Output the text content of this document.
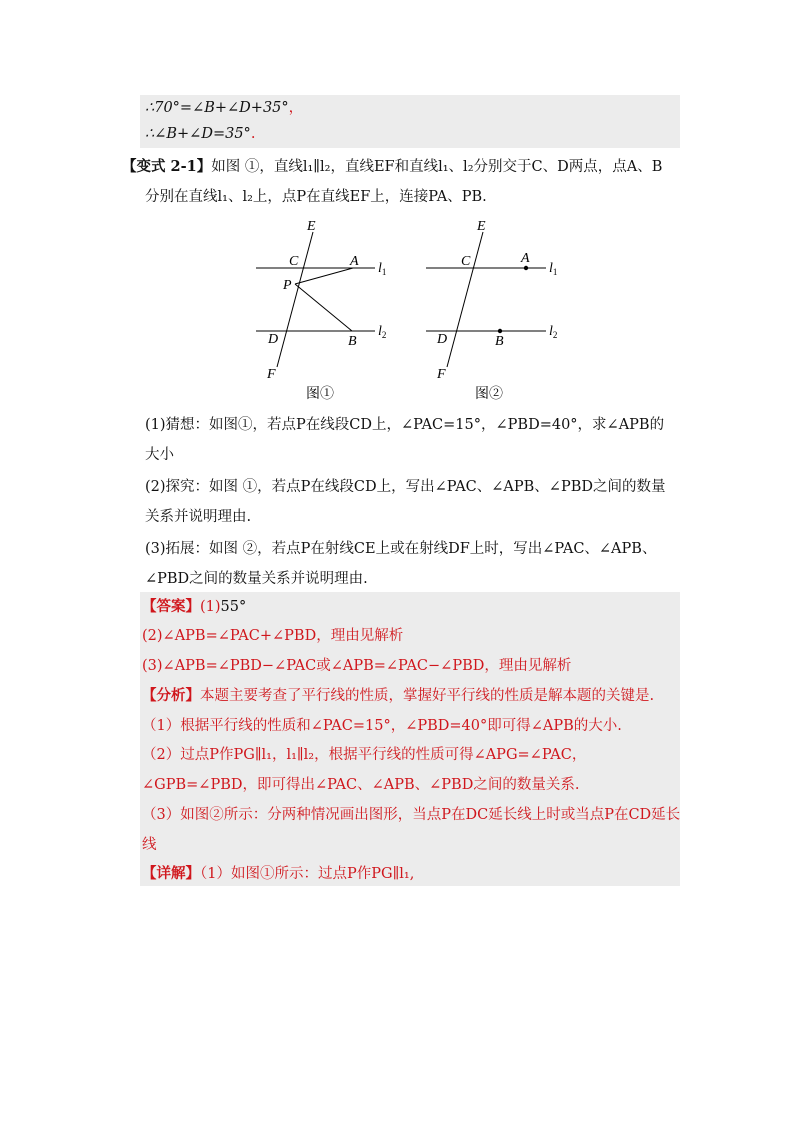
∴70°=∠B+∠D+35°，
∴∠B+∠D=35°.
【变式 2-1】如图 ①，直线l₁∥l₂，直线EF和直线l₁、l₂分别交于C、D两点，点A、B
分别在直线l₁、l₂上，点P在直线EF上，连接PA、PB.
E
C	A
P
$l_1$
$l_2$
D	B
F
图①
E
C	A
$l_1$
$l_2$
D	B
F
图②
(1)猜想：如图①，若点P在线段CD上，∠PAC=15°，∠PBD=40°，求∠APB的
大小
(2)探究：如图 ①，若点P在线段CD上，写出∠PAC、∠APB、∠PBD之间的数量
关系并说明理由.
(3)拓展：如图 ②，若点P在射线CE上或在射线DF上时，写出∠PAC、∠APB、
∠PBD之间的数量关系并说明理由.
【答案】(1)55°
(2)∠APB=∠PAC+∠PBD，理由见解析
(3)∠APB=∠PBD−∠PAC或∠APB=∠PAC−∠PBD，理由见解析
【分析】本题主要考查了平行线的性质，掌握好平行线的性质是解本题的关键是.
（1）根据平行线的性质和∠PAC=15°，∠PBD=40°即可得∠APB的大小.
（2）过点P作PG∥l₁，l₁∥l₂，根据平行线的性质可得∠APG=∠PAC，
∠GPB=∠PBD，即可得出∠PAC、∠APB、∠PBD之间的数量关系.
（3）如图②所示：分两种情况画出图形，当点P在DC延长线上时或当点P在CD延长
线
【详解】（1）如图①所示：过点P作PG∥l₁,
